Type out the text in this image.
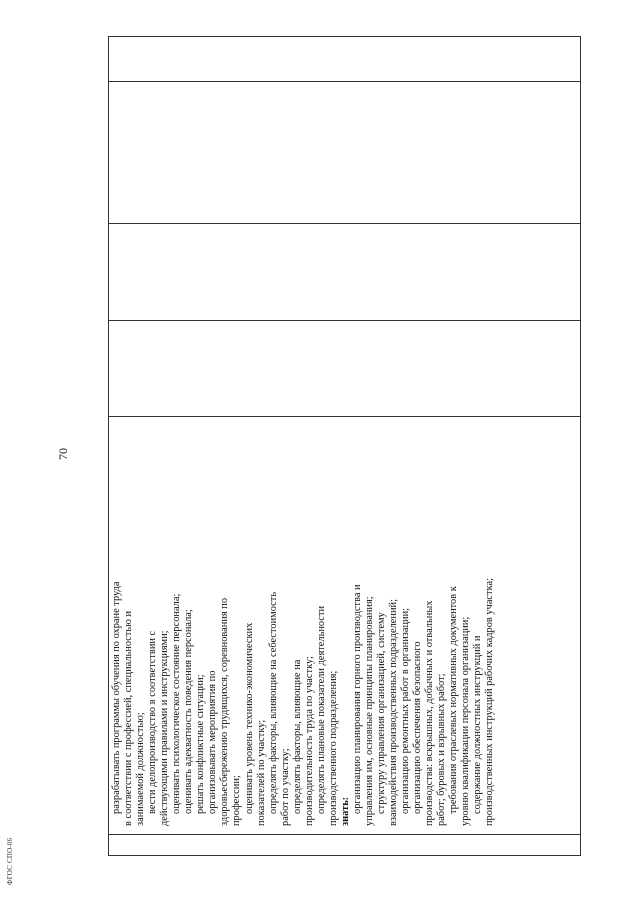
ФГОС СПО-06
70
разрабатывать программы обучения по охране труда в соответствии с профессией, специальностью и занимаемой должностью; вести делопроизводство в соответствии с действующими правилами и инструкциями; оценивать психологическое состояние персонала; оценивать адекватность поведения персонала; решать конфликтные ситуации; организовывать мероприятия по здоровьесбережению трудящихся, соревнования по профессии; оценивать уровень технико-экономических показателей по участку; определять факторы, влияющие на себестоимость работ по участку; определять факторы, влияющие на производительность труда по участку; определять плановые показатели деятельности производственного подразделения; знать: организацию планирования горного производства и управления им, основные принципы планирования; структуру управления организацией, систему взаимодействия производственных подразделений; организацию ремонтных работ в организации; организацию обеспечения безопасного производства: вскрышных, добычных и отвальных работ; буровых и взрывных работ; требования отраслевых нормативных документов к уровню квалификации персонала организации; содержание должностных инструкций и производственных инструкций рабочих кадров участка;
